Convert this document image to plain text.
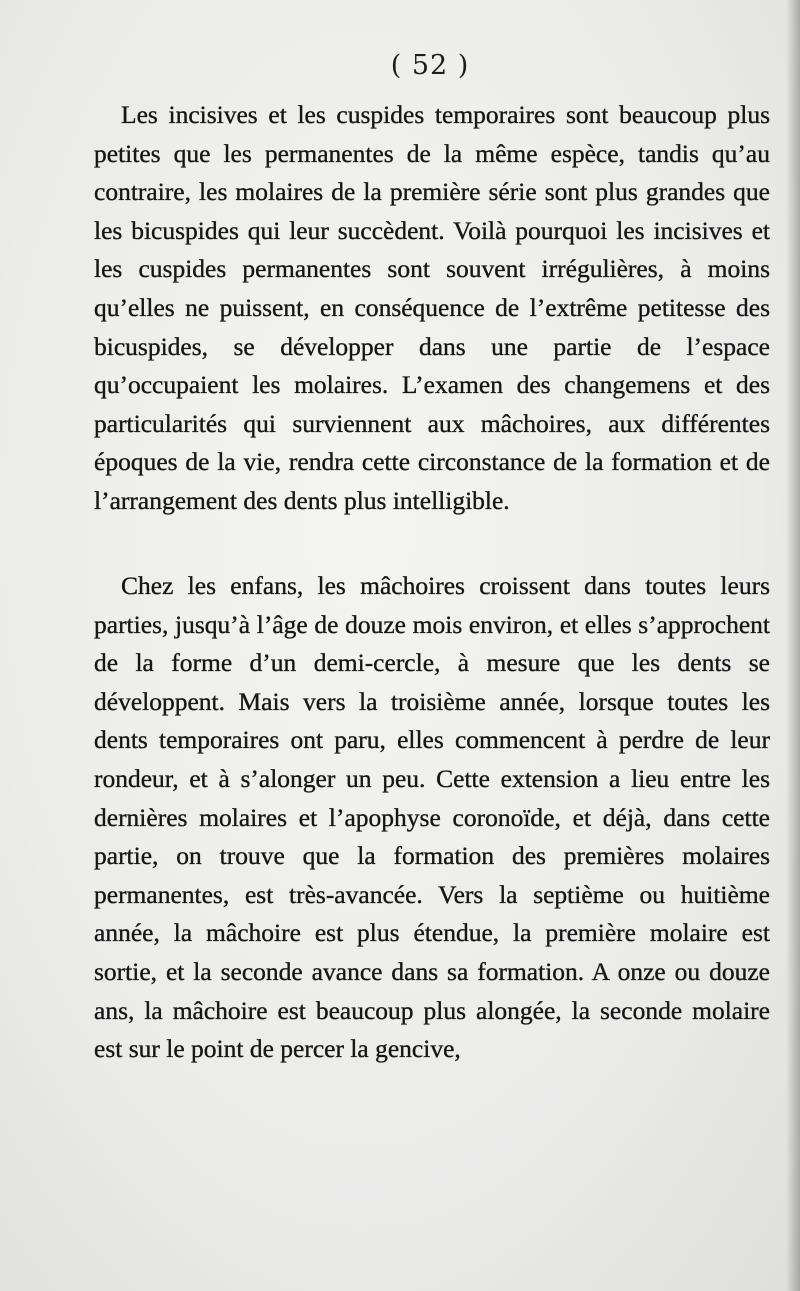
( 52 )

Les incisives et les cuspides temporaires sont beaucoup plus petites que les permanentes de la même espèce, tandis qu’au contraire, les molaires de la première série sont plus grandes que les bicuspides qui leur succèdent. Voilà pourquoi les incisives et les cuspides permanentes sont souvent irrégulières, à moins qu’elles ne puissent, en conséquence de l’extrême petitesse des bicuspides, se développer dans une partie de l’espace qu’occupaient les molaires. L’examen des changemens et des particularités qui surviennent aux mâchoires, aux différentes époques de la vie, rendra cette circonstance de la formation et de l’arrangement des dents plus intelligible.

Chez les enfans, les mâchoires croissent dans toutes leurs parties, jusqu’à l’âge de douze mois environ, et elles s’approchent de la forme d’un demi-cercle, à mesure que les dents se développent. Mais vers la troisième année, lorsque toutes les dents temporaires ont paru, elles commencent à perdre de leur rondeur, et à s’alonger un peu. Cette extension a lieu entre les dernières molaires et l’apophyse coronoïde, et déjà, dans cette partie, on trouve que la formation des premières molaires permanentes, est très-avancée. Vers la septième ou huitième année, la mâchoire est plus étendue, la première molaire est sortie, et la seconde avance dans sa formation. A onze ou douze ans, la mâchoire est beaucoup plus alongée, la seconde molaire est sur le point de percer la gencive,
